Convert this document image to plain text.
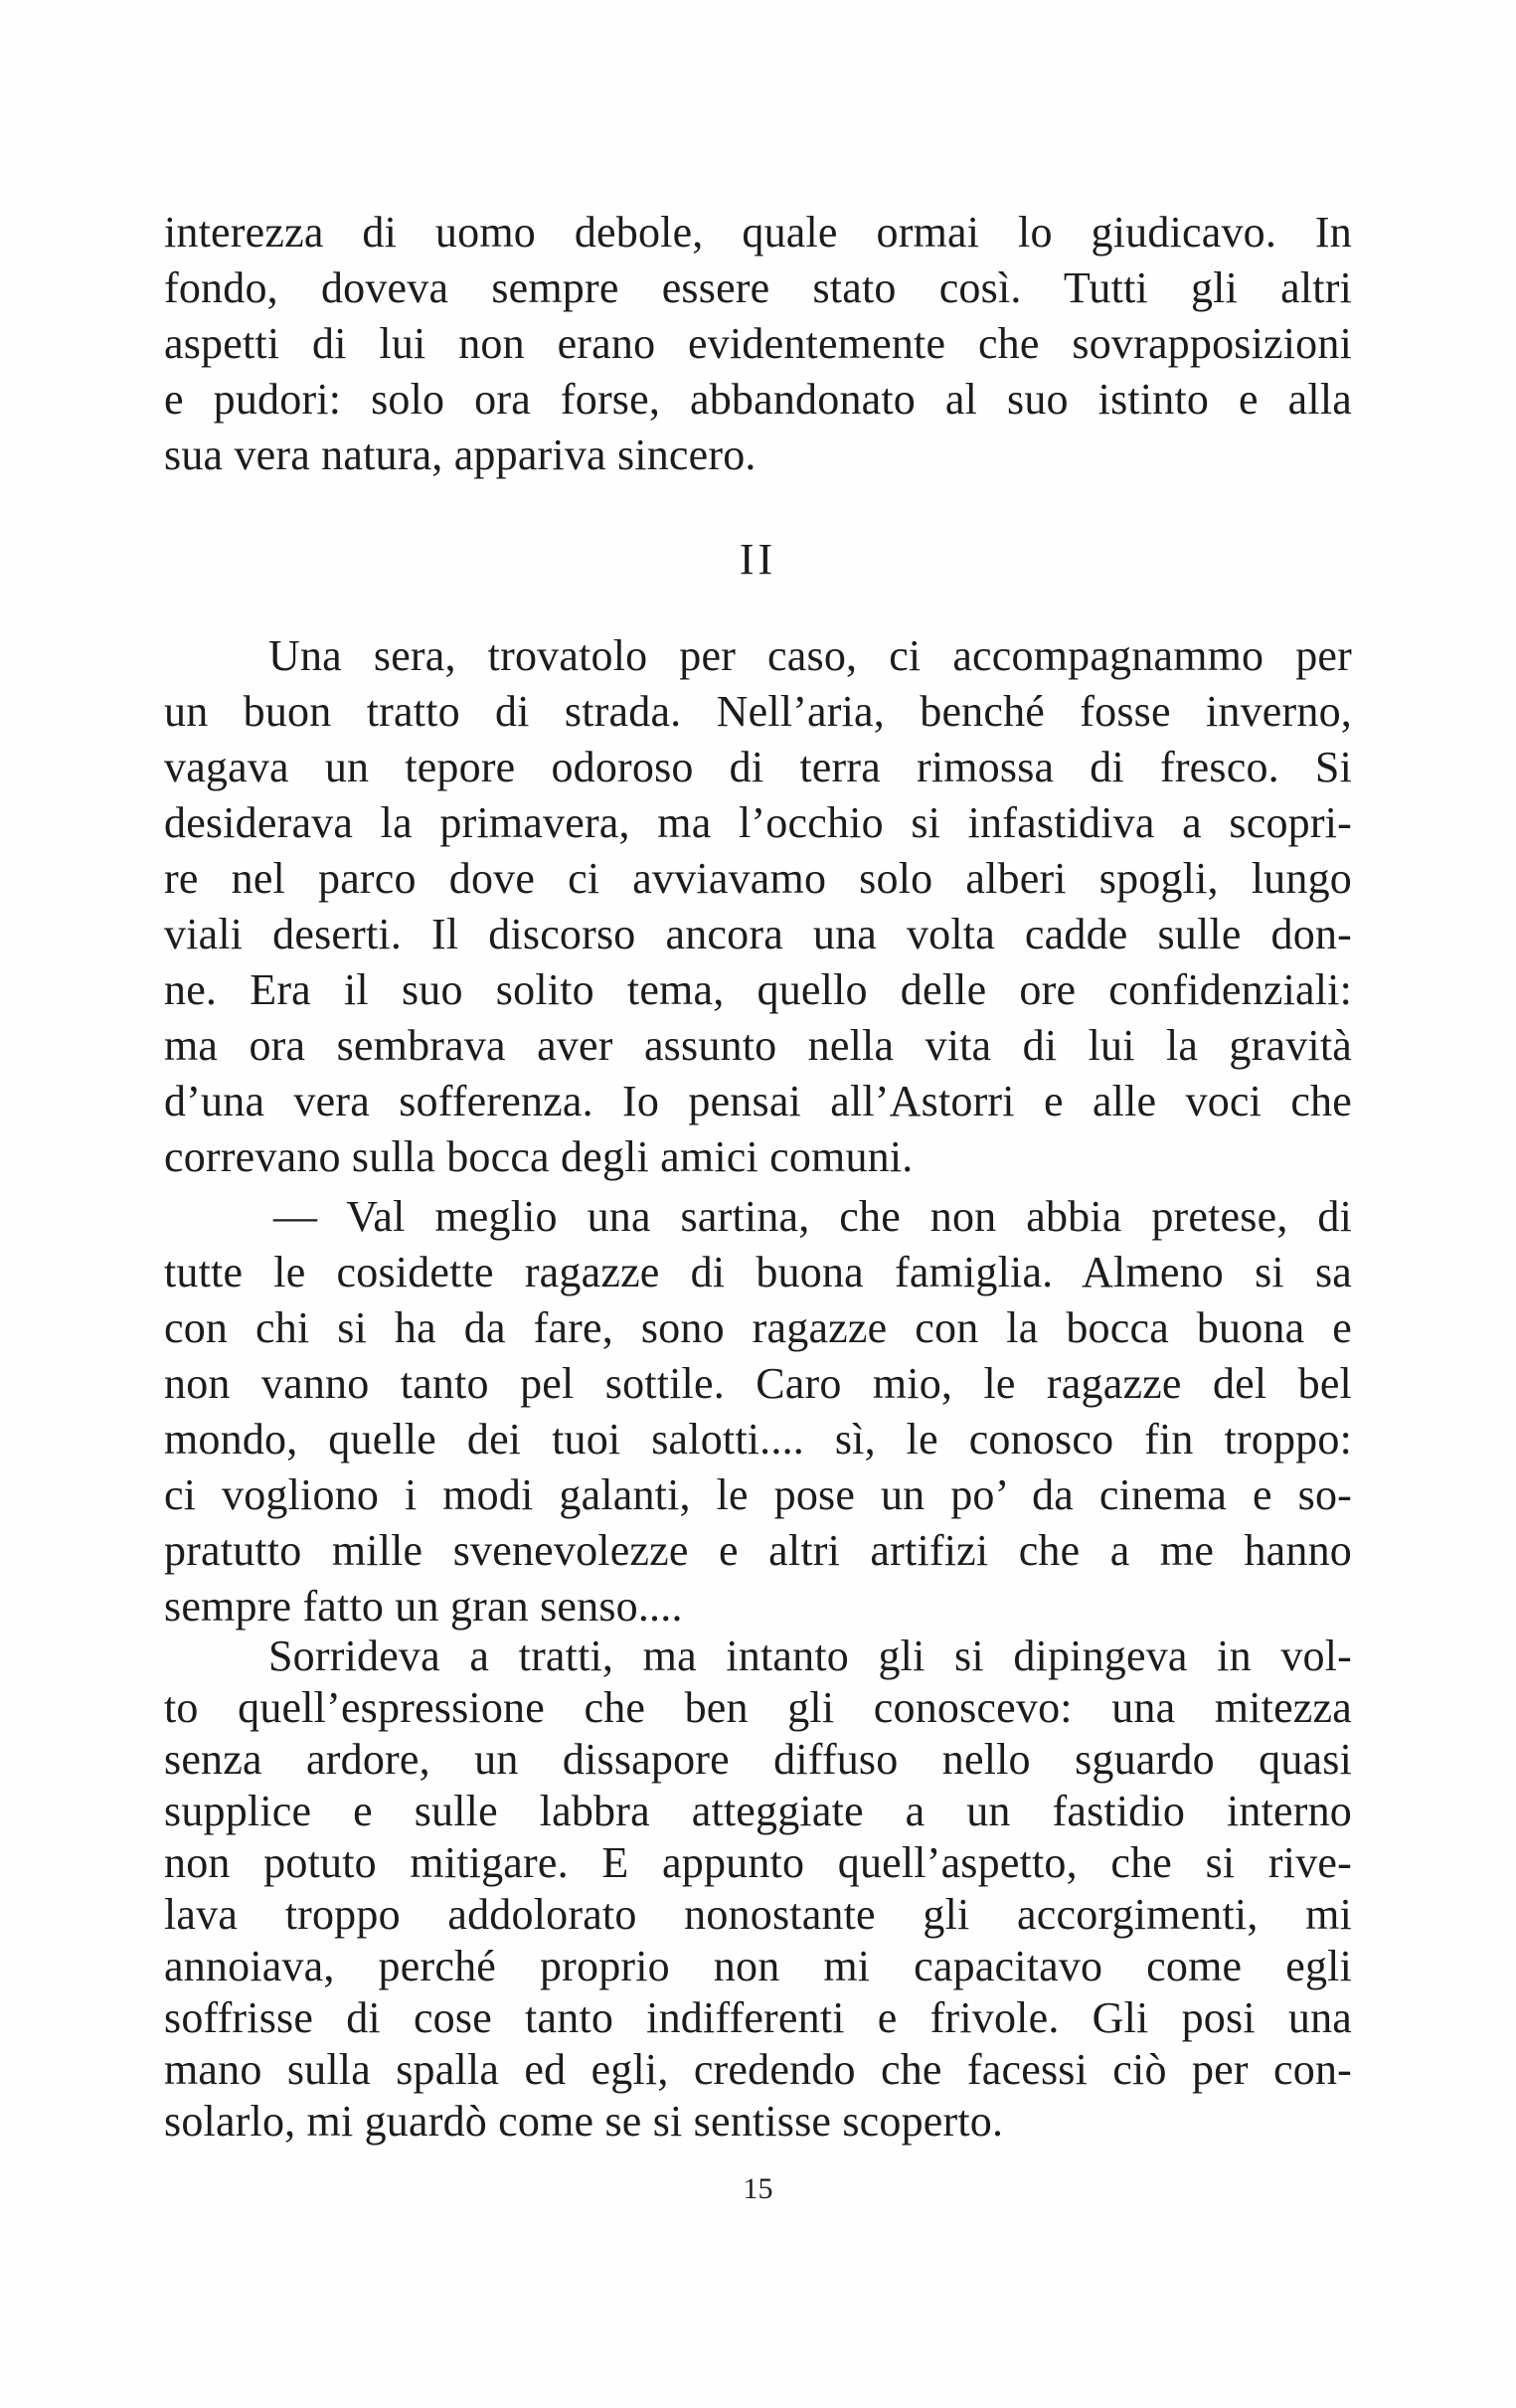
interezza di uomo debole, quale ormai lo giudicavo. In
fondo, doveva sempre essere stato così. Tutti gli altri
aspetti di lui non erano evidentemente che sovrapposizioni
e pudori: solo ora forse, abbandonato al suo istinto e alla
sua vera natura, appariva sincero.
II
Una sera, trovatolo per caso, ci accompagnammo per
un buon tratto di strada. Nell’aria, benché fosse inverno,
vagava un tepore odoroso di terra rimossa di fresco. Si
desiderava la primavera, ma l’occhio si infastidiva a scopri-
re nel parco dove ci avviavamo solo alberi spogli, lungo
viali deserti. Il discorso ancora una volta cadde sulle don-
ne. Era il suo solito tema, quello delle ore confidenziali:
ma ora sembrava aver assunto nella vita di lui la gravità
d’una vera sofferenza. Io pensai all’Astorri e alle voci che
correvano sulla bocca degli amici comuni.
— Val meglio una sartina, che non abbia pretese, di
tutte le cosidette ragazze di buona famiglia. Almeno si sa
con chi si ha da fare, sono ragazze con la bocca buona e
non vanno tanto pel sottile. Caro mio, le ragazze del bel
mondo, quelle dei tuoi salotti.... sì, le conosco fin troppo:
ci vogliono i modi galanti, le pose un po’ da cinema e so-
pratutto mille svenevolezze e altri artifizi che a me hanno
sempre fatto un gran senso....
Sorrideva a tratti, ma intanto gli si dipingeva in vol-
to quell’espressione che ben gli conoscevo: una mitezza
senza ardore, un dissapore diffuso nello sguardo quasi
supplice e sulle labbra atteggiate a un fastidio interno
non potuto mitigare. E appunto quell’aspetto, che si rive-
lava troppo addolorato nonostante gli accorgimenti, mi
annoiava, perché proprio non mi capacitavo come egli
soffrisse di cose tanto indifferenti e frivole. Gli posi una
mano sulla spalla ed egli, credendo che facessi ciò per con-
solarlo, mi guardò come se si sentisse scoperto.
15
